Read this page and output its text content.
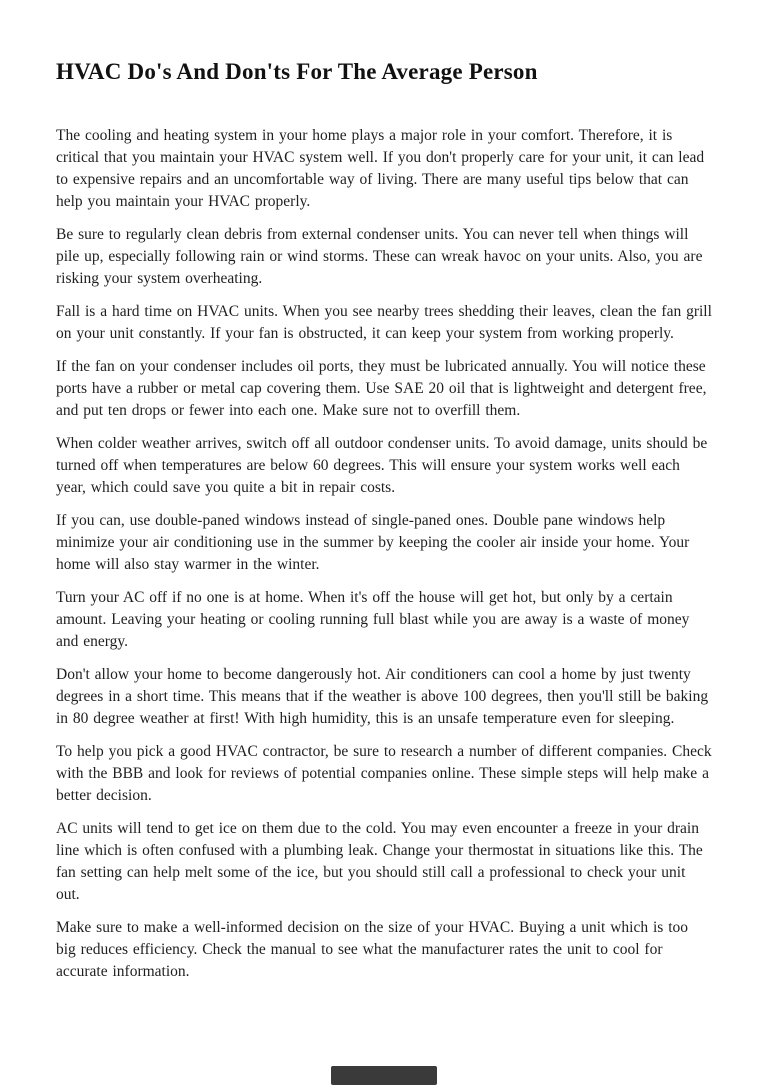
HVAC Do's And Don'ts For The Average Person

The cooling and heating system in your home plays a major role in your comfort. Therefore, it is critical that you maintain your HVAC system well. If you don't properly care for your unit, it can lead to expensive repairs and an uncomfortable way of living. There are many useful tips below that can help you maintain your HVAC properly.

Be sure to regularly clean debris from external condenser units. You can never tell when things will pile up, especially following rain or wind storms. These can wreak havoc on your units. Also, you are risking your system overheating.

Fall is a hard time on HVAC units. When you see nearby trees shedding their leaves, clean the fan grill on your unit constantly. If your fan is obstructed, it can keep your system from working properly.

If the fan on your condenser includes oil ports, they must be lubricated annually. You will notice these ports have a rubber or metal cap covering them. Use SAE 20 oil that is lightweight and detergent free, and put ten drops or fewer into each one. Make sure not to overfill them.

When colder weather arrives, switch off all outdoor condenser units. To avoid damage, units should be turned off when temperatures are below 60 degrees. This will ensure your system works well each year, which could save you quite a bit in repair costs.

If you can, use double-paned windows instead of single-paned ones. Double pane windows help minimize your air conditioning use in the summer by keeping the cooler air inside your home. Your home will also stay warmer in the winter.

Turn your AC off if no one is at home. When it's off the house will get hot, but only by a certain amount. Leaving your heating or cooling running full blast while you are away is a waste of money and energy.

Don't allow your home to become dangerously hot. Air conditioners can cool a home by just twenty degrees in a short time. This means that if the weather is above 100 degrees, then you'll still be baking in 80 degree weather at first! With high humidity, this is an unsafe temperature even for sleeping.

To help you pick a good HVAC contractor, be sure to research a number of different companies. Check with the BBB and look for reviews of potential companies online. These simple steps will help make a better decision.

AC units will tend to get ice on them due to the cold. You may even encounter a freeze in your drain line which is often confused with a plumbing leak. Change your thermostat in situations like this. The fan setting can help melt some of the ice, but you should still call a professional to check your unit out.

Make sure to make a well-informed decision on the size of your HVAC. Buying a unit which is too big reduces efficiency. Check the manual to see what the manufacturer rates the unit to cool for accurate information.
